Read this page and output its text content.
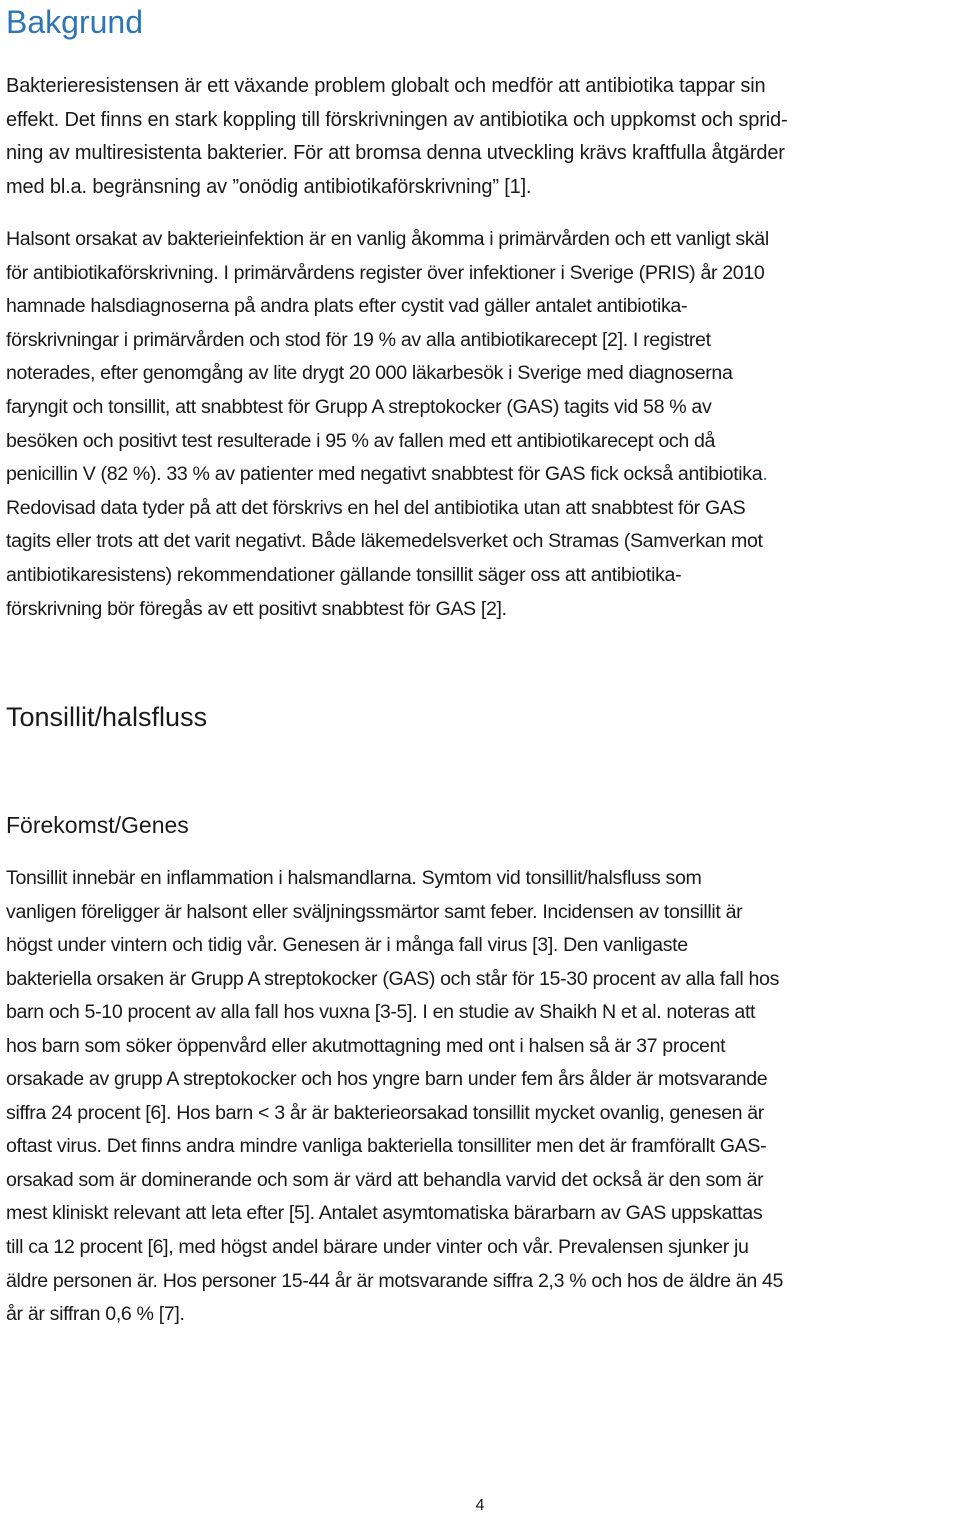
Bakgrund

Bakterieresistensen är ett växande problem globalt och medför att antibiotika tappar sin
effekt. Det finns en stark koppling till förskrivningen av antibiotika och uppkomst och sprid-
ning av multiresistenta bakterier. För att bromsa denna utveckling krävs kraftfulla åtgärder
med bl.a. begränsning av ”onödig antibiotikaförskrivning” [1].

Halsont orsakat av bakterieinfektion är en vanlig åkomma i primärvården och ett vanligt skäl
för antibiotikaförskrivning. I primärvårdens register över infektioner i Sverige (PRIS) år 2010
hamnade halsdiagnoserna på andra plats efter cystit vad gäller antalet antibiotika-
förskrivningar i primärvården och stod för 19 % av alla antibiotikarecept [2]. I registret
noterades, efter genomgång av lite drygt 20 000 läkarbesök i Sverige med diagnoserna
faryngit och tonsillit, att snabbtest för Grupp A streptokocker (GAS) tagits vid 58 % av
besöken och positivt test resulterade i 95 % av fallen med ett antibiotikarecept och då
penicillin V (82 %). 33 % av patienter med negativt snabbtest för GAS fick också antibiotika.
Redovisad data tyder på att det förskrivs en hel del antibiotika utan att snabbtest för GAS
tagits eller trots att det varit negativt. Både läkemedelsverket och Stramas (Samverkan mot
antibiotikaresistens) rekommendationer gällande tonsillit säger oss att antibiotika-
förskrivning bör föregås av ett positivt snabbtest för GAS [2].

Tonsillit/halsfluss
Förekomst/Genes

Tonsillit innebär en inflammation i halsmandlarna. Symtom vid tonsillit/halsfluss som
vanligen föreligger är halsont eller sväljningssmärtor samt feber. Incidensen av tonsillit är
högst under vintern och tidig vår. Genesen är i många fall virus [3]. Den vanligaste
bakteriella orsaken är Grupp A streptokocker (GAS) och står för 15-30 procent av alla fall hos
barn och 5-10 procent av alla fall hos vuxna [3-5]. I en studie av Shaikh N et al. noteras att
hos barn som söker öppenvård eller akutmottagning med ont i halsen så är 37 procent
orsakade av grupp A streptokocker och hos yngre barn under fem års ålder är motsvarande
siffra 24 procent [6]. Hos barn < 3 år är bakterieorsakad tonsillit mycket ovanlig, genesen är
oftast virus. Det finns andra mindre vanliga bakteriella tonsilliter men det är framförallt GAS-
orsakad som är dominerande och som är värd att behandla varvid det också är den som är
mest kliniskt relevant att leta efter [5]. Antalet asymtomatiska bärarbarn av GAS uppskattas
till ca 12 procent [6], med högst andel bärare under vinter och vår. Prevalensen sjunker ju
äldre personen är. Hos personer 15-44 år är motsvarande siffra 2,3 % och hos de äldre än 45
år är siffran 0,6 % [7].

4
